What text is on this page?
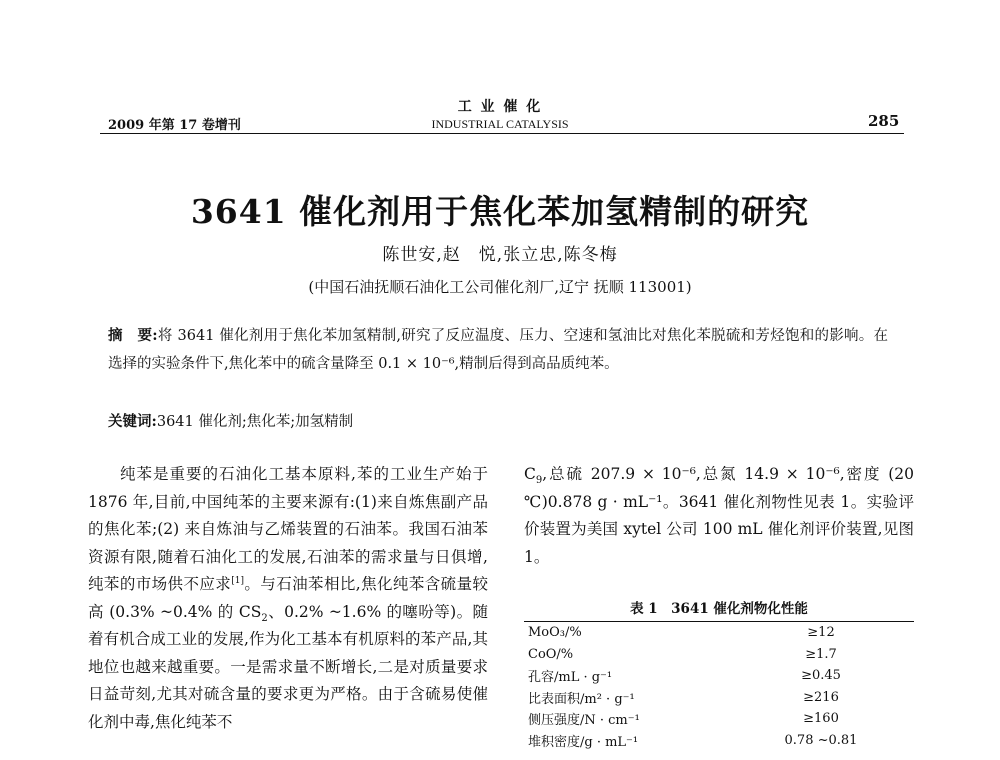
2009 年第 17 卷增刊
工 业 催 化
INDUSTRIAL CATALYSIS	285
3641 催化剂用于焦化苯加氢精制的研究
陈世安,赵　悦,张立忠,陈冬梅
(中国石油抚顺石油化工公司催化剂厂,辽宁 抚顺 113001)
摘　要:将 3641 催化剂用于焦化苯加氢精制,研究了反应温度、压力、空速和氢油比对焦化苯脱硫和芳烃饱和的影响。在选择的实验条件下,焦化苯中的硫含量降至 0.1 × 10⁻⁶,精制后得到高品质纯苯。
关键词:3641 催化剂;焦化苯;加氢精制
纯苯是重要的石油化工基本原料,苯的工业生产始于 1876 年,目前,中国纯苯的主要来源有:(1)来自炼焦副产品的焦化苯;(2) 来自炼油与乙烯装置的石油苯。我国石油苯资源有限,随着石油化工的发展,石油苯的需求量与日俱增,纯苯的市场供不应求[1]。与石油苯相比,焦化纯苯含硫量较高 (0.3% ~0.4% 的 $CS_2$、0.2% ~1.6% 的噻吩等)。随着有机合成工业的发展,作为化工基本有机原料的苯产品,其地位也越来越重要。一是需求量不断增长,二是对质量要求日益苛刻,尤其对硫含量的要求更为严格。由于含硫易使催化剂中毒,焦化纯苯不
$C_9$,总硫 207.9 × 10⁻⁶,总氮 14.9 × 10⁻⁶,密度 (20 ℃)0.878 g · mL⁻¹。3641 催化剂物性见表 1。实验评价装置为美国 xytel 公司 100 mL 催化剂评价装置,见图 1。
表 1　3641 催化剂物化性能
MoO₃/%	≥12
CoO/%	≥1.7
孔容/mL · g⁻¹	≥0.45
比表面积/m² · g⁻¹	≥216
侧压强度/N · cm⁻¹	≥160
堆积密度/g · mL⁻¹	0.78 ~0.81
